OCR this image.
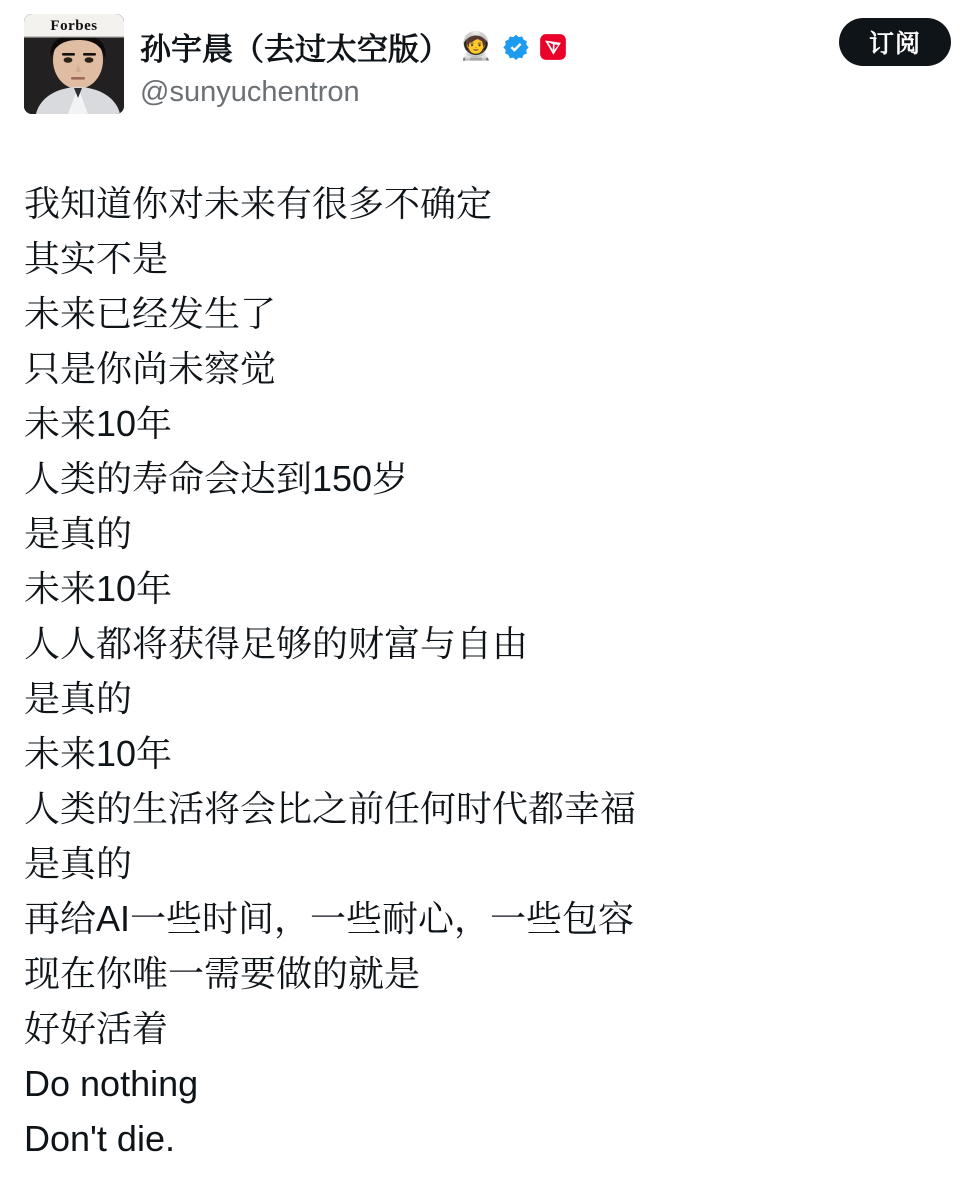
Forbes
孙宇晨（去过太空版） 🧑‍🚀
@sunyuchentron
订阅
我知道你对未来有很多不确定
其实不是
未来已经发生了
只是你尚未察觉
未来10年
人类的寿命会达到150岁
是真的
未来10年
人人都将获得足够的财富与自由
是真的
未来10年
人类的生活将会比之前任何时代都幸福
是真的
再给AI一些时间，一些耐心，一些包容
现在你唯一需要做的就是
好好活着
Do nothing
Don't die.
